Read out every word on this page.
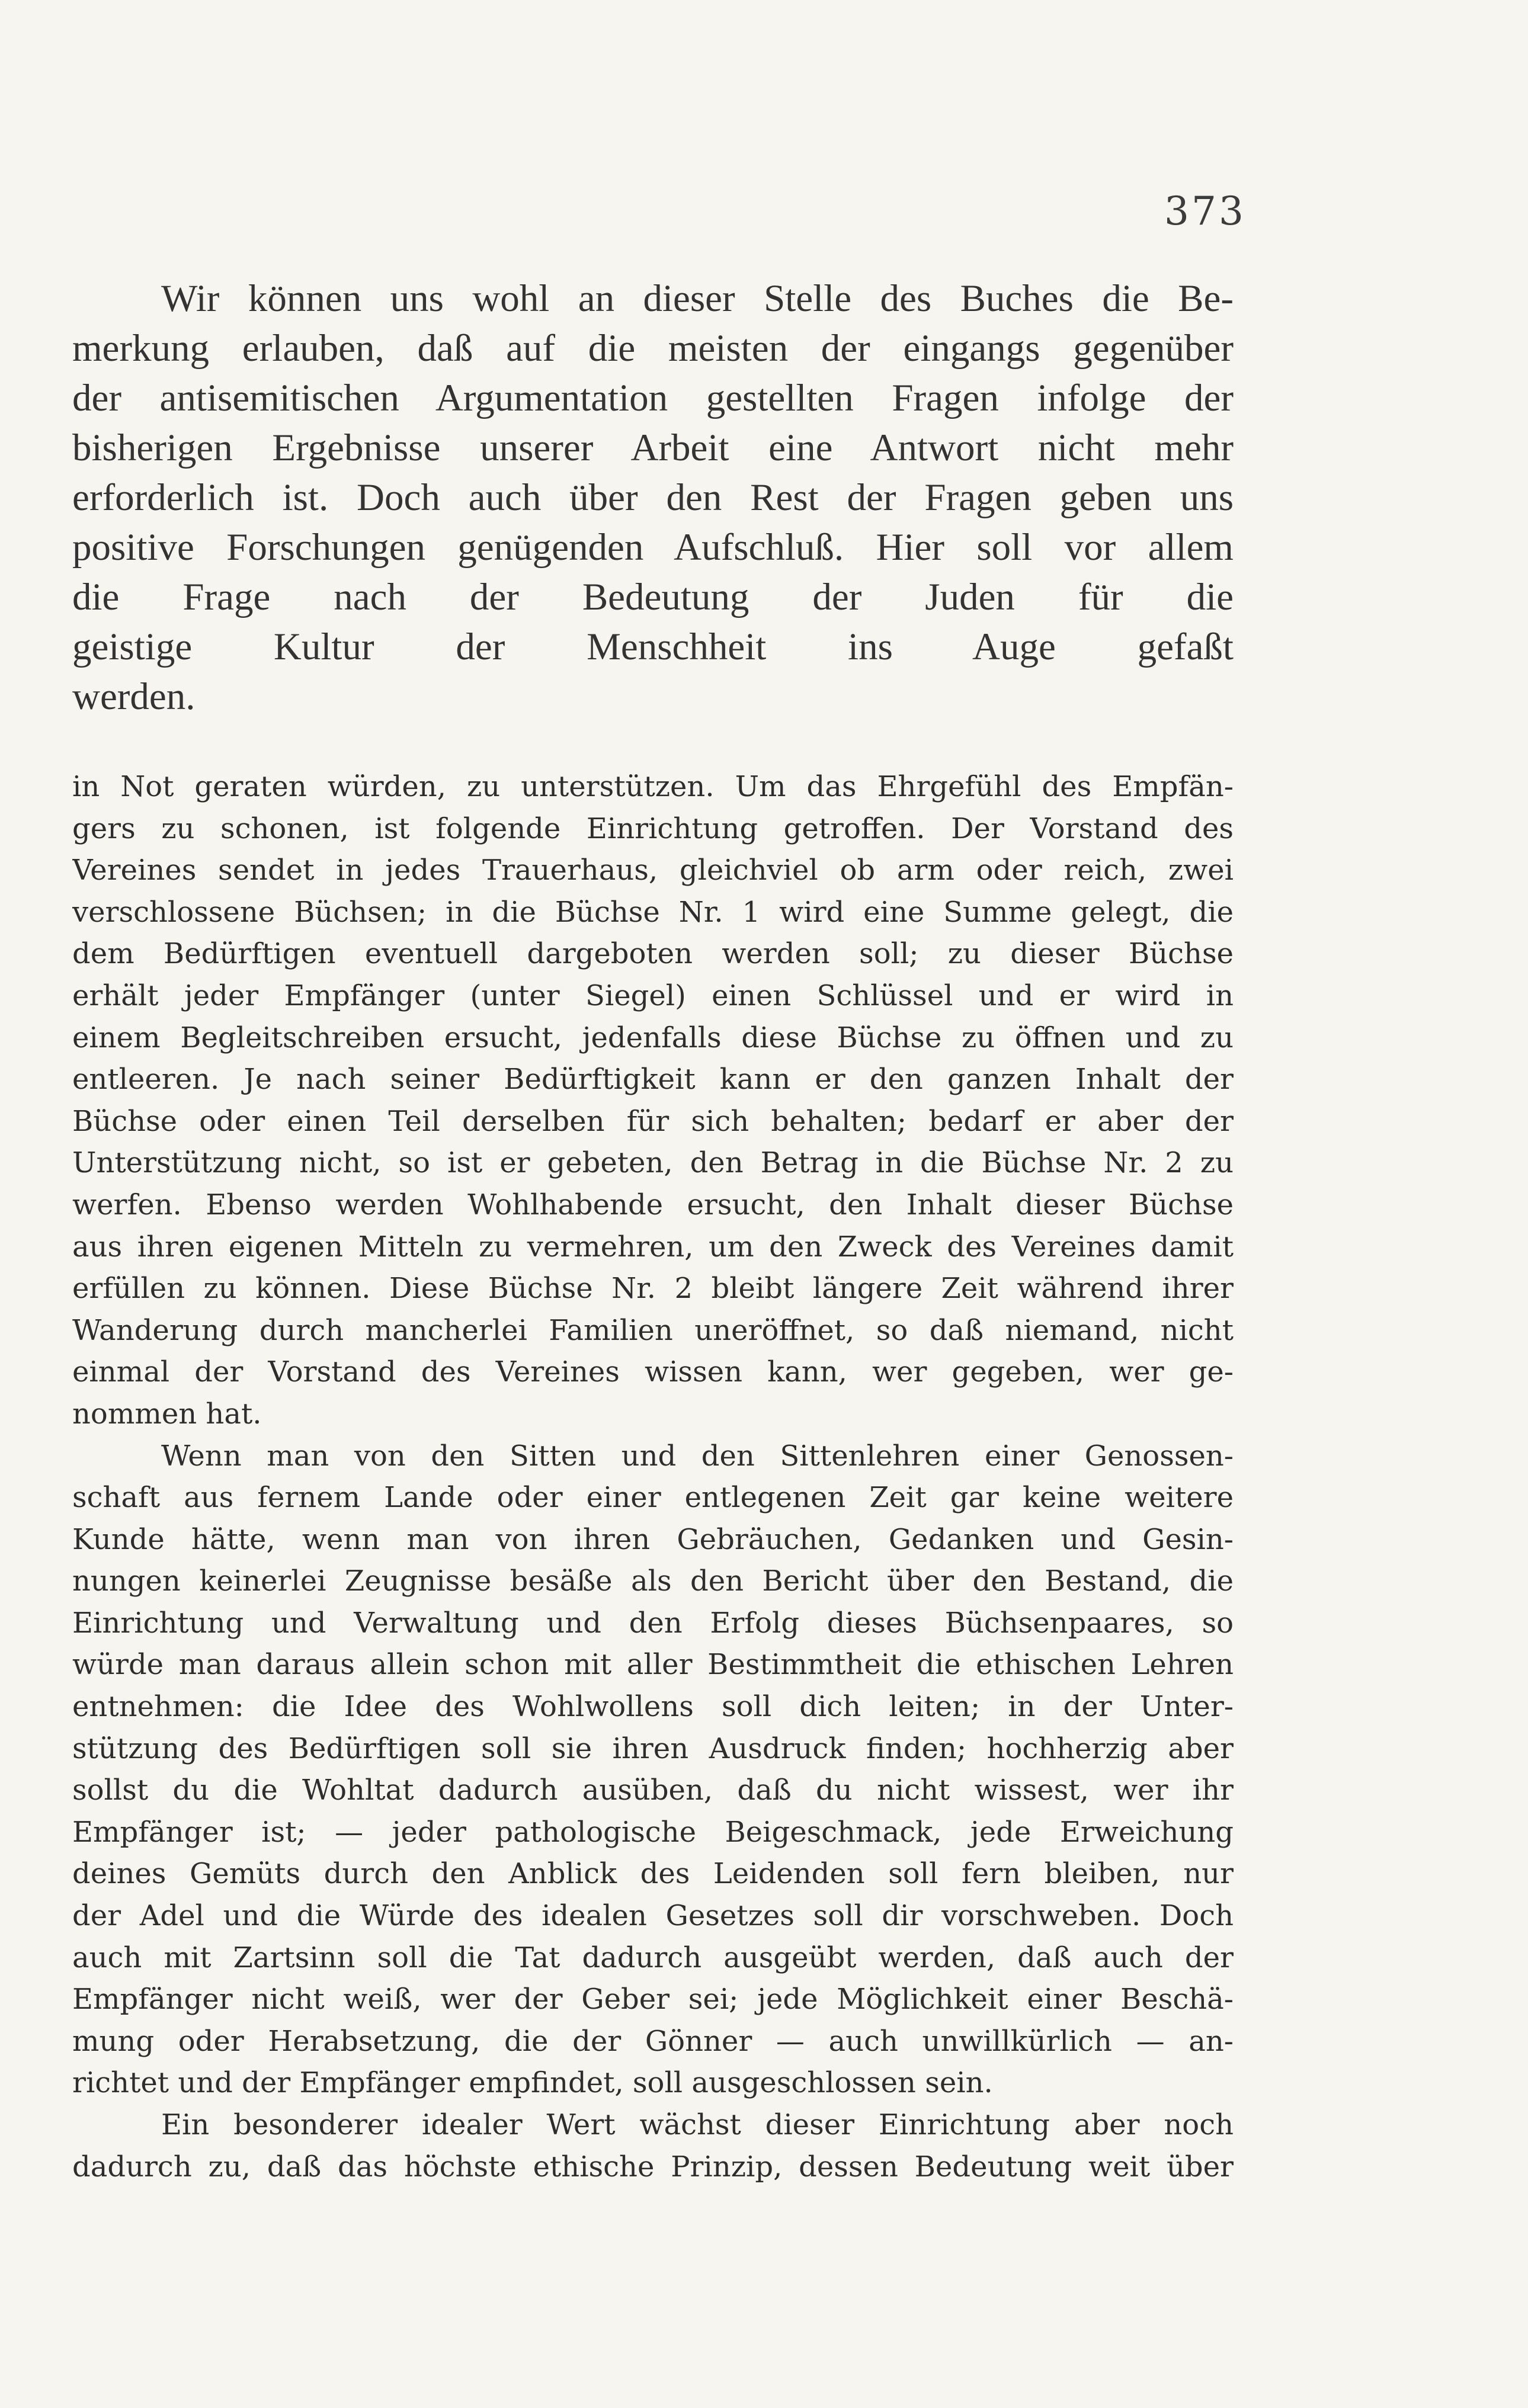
373
Wir können uns wohl an dieser Stelle des Buches die Be-
merkung erlauben, daß auf die meisten der eingangs gegenüber
der antisemitischen Argumentation gestellten Fragen infolge der
bisherigen Ergebnisse unserer Arbeit eine Antwort nicht mehr
erforderlich ist. Doch auch über den Rest der Fragen geben uns
positive Forschungen genügenden Aufschluß. Hier soll vor allem
die Frage nach der Bedeutung der Juden für die
geistige Kultur der Menschheit ins Auge gefaßt
werden.
in Not geraten würden, zu unterstützen. Um das Ehrgefühl des Empfän-
gers zu schonen, ist folgende Einrichtung getroffen. Der Vorstand des
Vereines sendet in jedes Trauerhaus, gleichviel ob arm oder reich, zwei
verschlossene Büchsen; in die Büchse Nr. 1 wird eine Summe gelegt, die
dem Bedürftigen eventuell dargeboten werden soll; zu dieser Büchse
erhält jeder Empfänger (unter Siegel) einen Schlüssel und er wird in
einem Begleitschreiben ersucht, jedenfalls diese Büchse zu öffnen und zu
entleeren. Je nach seiner Bedürftigkeit kann er den ganzen Inhalt der
Büchse oder einen Teil derselben für sich behalten; bedarf er aber der
Unterstützung nicht, so ist er gebeten, den Betrag in die Büchse Nr. 2 zu
werfen. Ebenso werden Wohlhabende ersucht, den Inhalt dieser Büchse
aus ihren eigenen Mitteln zu vermehren, um den Zweck des Vereines damit
erfüllen zu können. Diese Büchse Nr. 2 bleibt längere Zeit während ihrer
Wanderung durch mancherlei Familien uneröffnet, so daß niemand, nicht
einmal der Vorstand des Vereines wissen kann, wer gegeben, wer ge-
nommen hat.
Wenn man von den Sitten und den Sittenlehren einer Genossen-
schaft aus fernem Lande oder einer entlegenen Zeit gar keine weitere
Kunde hätte, wenn man von ihren Gebräuchen, Gedanken und Gesin-
nungen keinerlei Zeugnisse besäße als den Bericht über den Bestand, die
Einrichtung und Verwaltung und den Erfolg dieses Büchsenpaares, so
würde man daraus allein schon mit aller Bestimmtheit die ethischen Lehren
entnehmen: die Idee des Wohlwollens soll dich leiten; in der Unter-
stützung des Bedürftigen soll sie ihren Ausdruck finden; hochherzig aber
sollst du die Wohltat dadurch ausüben, daß du nicht wissest, wer ihr
Empfänger ist; — jeder pathologische Beigeschmack, jede Erweichung
deines Gemüts durch den Anblick des Leidenden soll fern bleiben, nur
der Adel und die Würde des idealen Gesetzes soll dir vorschweben. Doch
auch mit Zartsinn soll die Tat dadurch ausgeübt werden, daß auch der
Empfänger nicht weiß, wer der Geber sei; jede Möglichkeit einer Beschä-
mung oder Herabsetzung, die der Gönner — auch unwillkürlich — an-
richtet und der Empfänger empfindet, soll ausgeschlossen sein.
Ein besonderer idealer Wert wächst dieser Einrichtung aber noch
dadurch zu, daß das höchste ethische Prinzip, dessen Bedeutung weit über
